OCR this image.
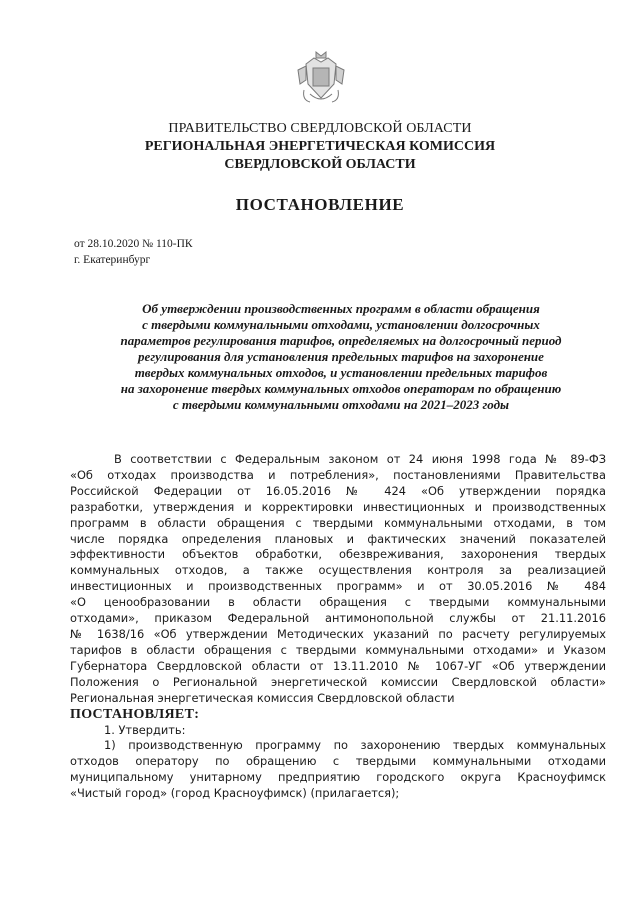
ПРАВИТЕЛЬСТВО СВЕРДЛОВСКОЙ ОБЛАСТИ
РЕГИОНАЛЬНАЯ ЭНЕРГЕТИЧЕСКАЯ КОМИССИЯ
СВЕРДЛОВСКОЙ ОБЛАСТИ
ПОСТАНОВЛЕНИЕ
от 28.10.2020 № 110-ПК
г. Екатеринбург
Об утверждении производственных программ в области обращения
с твердыми коммунальными отходами, установлении долгосрочных
параметров регулирования тарифов, определяемых на долгосрочный период
регулирования для установления предельных тарифов на захоронение
твердых коммунальных отходов, и установлении предельных тарифов
на захоронение твердых коммунальных отходов операторам по обращению
с твердыми коммунальными отходами на 2021–2023 годы
В соответствии с Федеральным законом от 24 июня 1998 года № 89-ФЗ
«Об отходах производства и потребления», постановлениями Правительства
Российской Федерации от 16.05.2016 № 424 «Об утверждении порядка
разработки, утверждения и корректировки инвестиционных и производственных
программ в области обращения с твердыми коммунальными отходами, в том
числе порядка определения плановых и фактических значений показателей
эффективности объектов обработки, обезвреживания, захоронения твердых
коммунальных отходов, а также осуществления контроля за реализацией
инвестиционных и производственных программ» и от 30.05.2016 № 484
«О ценообразовании в области обращения с твердыми коммунальными
отходами», приказом Федеральной антимонопольной службы от 21.11.2016
№ 1638/16 «Об утверждении Методических указаний по расчету регулируемых
тарифов в области обращения с твердыми коммунальными отходами» и Указом
Губернатора Свердловской области от 13.11.2010 № 1067-УГ «Об утверждении
Положения о Региональной энергетической комиссии Свердловской области»
Региональная энергетическая комиссия Свердловской области
ПОСТАНОВЛЯЕТ:
1. Утвердить:
1) производственную программу по захоронению твердых коммунальных
отходов оператору по обращению с твердыми коммунальными отходами
муниципальному унитарному предприятию городского округа Красноуфимск
«Чистый город» (город Красноуфимск) (прилагается);
